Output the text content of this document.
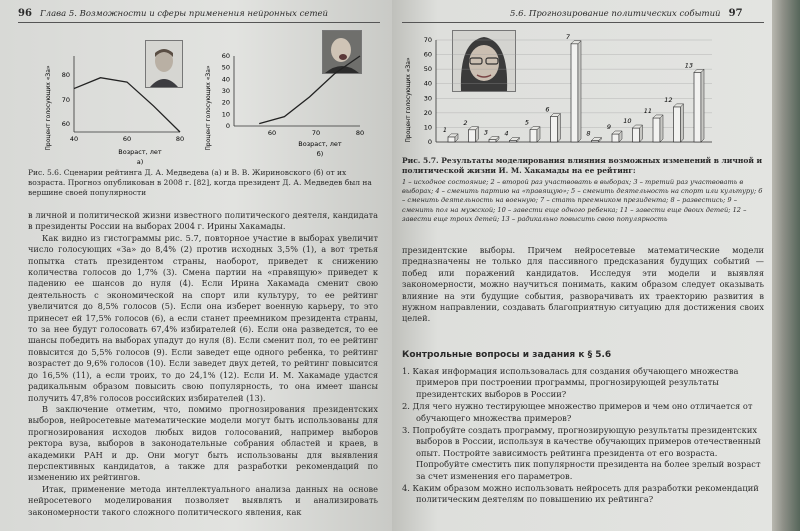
96 Глава 5. Возможности и сферы применения нейронных сетей
Процент голосующих «За» 80
70
60
40	60	80
Возраст, лет
а)
Процент голосующих «За» 0
10
20
30
40
50
60
60	70	80
Возраст, лет
б)
Рис. 5.6. Сценарии рейтинга Д. А. Медведева (а) и В. В. Жириновского (б) от их возраста. Прогноз опубликован в 2008 г. [82], когда президент Д. А. Медведев был на вершине своей популярности

в личной и политической жизни известного политического деятеля, кандидата в президенты России на выборах 2004 г. Ирины Хакамады.

Как видно из гистограммы рис. 5.7, повторное участие в выборах увеличит число голосующих «За» до 8,4% (2) против исходных 3,5% (1), а вот третья попытка стать президентом страны, наоборот, приведет к снижению количества голосов до 1,7% (3). Смена партии на «правящую» приведет к падению ее шансов до нуля (4). Если Ирина Хакамада сменит свою деятельность с экономической на спорт или культуру, то ее рейтинг увеличится до 8,5% голосов (5). Если она изберет военную карьеру, то это принесет ей 17,5% голосов (6), а если станет преемником президента страны, то за нее будут голосовать 67,4% избирателей (6). Если она разведется, то ее шансы победить на выборах упадут до нуля (8). Если сменит пол, то ее рейтинг повысится до 5,5% голосов (9). Если заведет еще одного ребенка, то рейтинг возрастет до 9,6% голосов (10). Если заведет двух детей, то рейтинг повысится до 16,5% (11), а если троих, то до 24,1% (12). Если И. М. Хакамаде удастся радикальным образом повысить свою популярность, то она имеет шансы получить 47,8% голосов российских избирателей (13).

В заключение отметим, что, помимо прогнозирования президентских выборов, нейросетевые математические модели могут быть использованы для прогнозирования исходов любых видов голосований, например выборов ректора вуза, выборов в законодательные собрания областей и краев, в академики РАН и др. Они могут быть использованы для выявления перспективных кандидатов, а также для разработки рекомендаций по изменению их рейтингов.

Итак, применение метода интеллектуального анализа данных на основе нейросетевого моделирования позволяет выявлять и анализировать закономерности такого сложного политического явления, как

5.6. Прогнозирование политических событий 97
Процент голосующих «За» 0
10
20
30
40
50
60
70
1
2
3	4
5
6
7
8
9
10
11
12
13
Рис. 5.7. Результаты моделирования влияния возможных изменений в личной и политической жизни И. М. Хакамады на ее рейтинг:
1 – исходное состояние; 2 – второй раз участвовать в выборах; 3 – третий раз участвовать в выборах; 4 – сменить партию на «правящую»; 5 – сменить деятельность на спорт или культуру; 6 – сменить деятельность на военную; 7 – стать преемником президента; 8 – развестись; 9 – сменить пол на мужской; 10 – завести еще одного ребенка; 11 – завести еще двоих детей; 12 – завести еще троих детей; 13 – радикально повысить свою популярность

президентские выборы. Причем нейросетевые математические модели предназначены не только для пассивного предсказания будущих событий — побед или поражений кандидатов. Исследуя эти модели и выявляя закономерности, можно научиться понимать, каким образом следует оказывать влияние на эти будущие события, разворачивать их траекторию развития в нужном направлении, создавать благоприятную ситуацию для достижения своих целей.

Контрольные вопросы и задания к § 5.6
1. Какая информация использовалась для создания обучающего множества примеров при построении программы, прогнозирующей результаты президентских выборов в России?
2. Для чего нужно тестирующее множество примеров и чем оно отличается от обучающего множества примеров?
3. Попробуйте создать программу, прогнозирующую результаты президентских выборов в России, используя в качестве обучающих примеров отечественный опыт. Постройте зависимость рейтинга президента от его возраста. Попробуйте сместить пик популярности президента на более зрелый возраст за счет изменения его параметров.
4. Каким образом можно использовать нейросеть для разработки рекомендаций политическим деятелям по повышению их рейтинга?
